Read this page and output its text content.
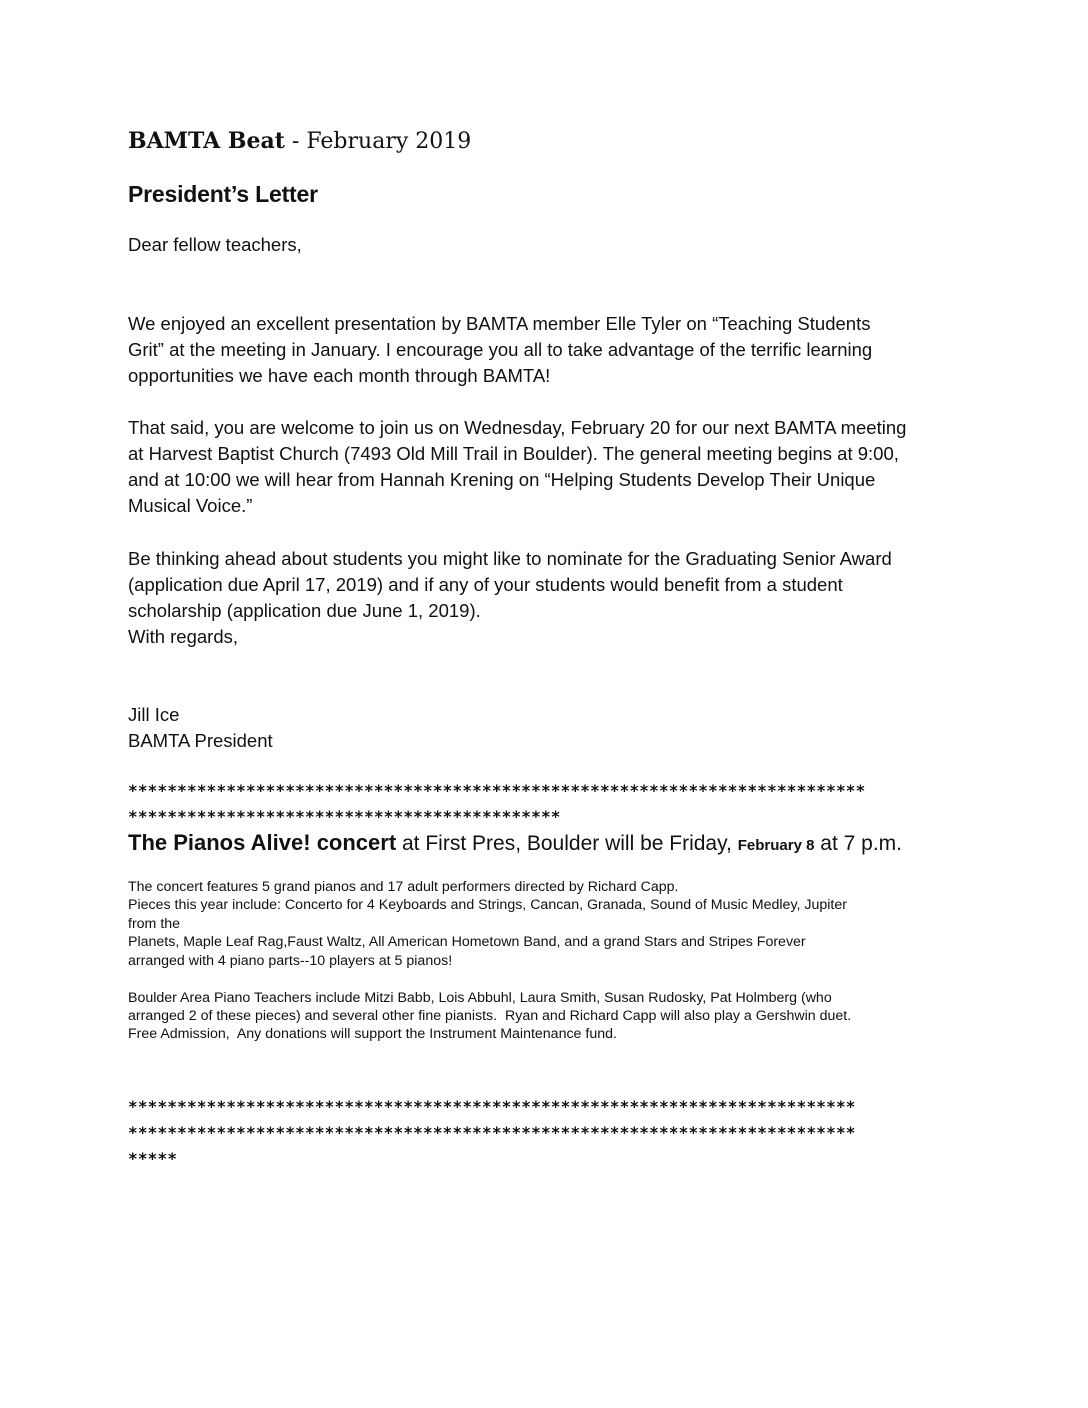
BAMTA Beat - February 2019
President’s Letter
Dear fellow teachers,

We enjoyed an excellent presentation by BAMTA member Elle Tyler on “Teaching Students
Grit” at the meeting in January. I encourage you all to take advantage of the terrific learning
opportunities we have each month through BAMTA!

That said, you are welcome to join us on Wednesday, February 20 for our next BAMTA meeting
at Harvest Baptist Church (7493 Old Mill Trail in Boulder). The general meeting begins at 9:00,
and at 10:00 we will hear from Hannah Krening on “Helping Students Develop Their Unique
Musical Voice.”

Be thinking ahead about students you might like to nominate for the Graduating Senior Award
(application due April 17, 2019) and if any of your students would benefit from a student
scholarship (application due June 1, 2019).

With regards,

Jill Ice
BAMTA President

***************************************************************************
********************************************

The Pianos Alive! concert at First Pres, Boulder will be Friday, February 8 at 7 p.m.

The concert features 5 grand pianos and 17 adult performers directed by Richard Capp.
Pieces this year include: Concerto for 4 Keyboards and Strings, Cancan, Granada, Sound of Music Medley, Jupiter
from the
Planets, Maple Leaf Rag,Faust Waltz, All American Hometown Band, and a grand Stars and Stripes Forever
arranged with 4 piano parts--10 players at 5 pianos!

Boulder Area Piano Teachers include Mitzi Babb, Lois Abbuhl, Laura Smith, Susan Rudosky, Pat Holmberg (who
arranged 2 of these pieces) and several other fine pianists.  Ryan and Richard Capp will also play a Gershwin duet.

Free Admission,  Any donations will support the Instrument Maintenance fund.

**************************************************************************
**************************************************************************
*****
